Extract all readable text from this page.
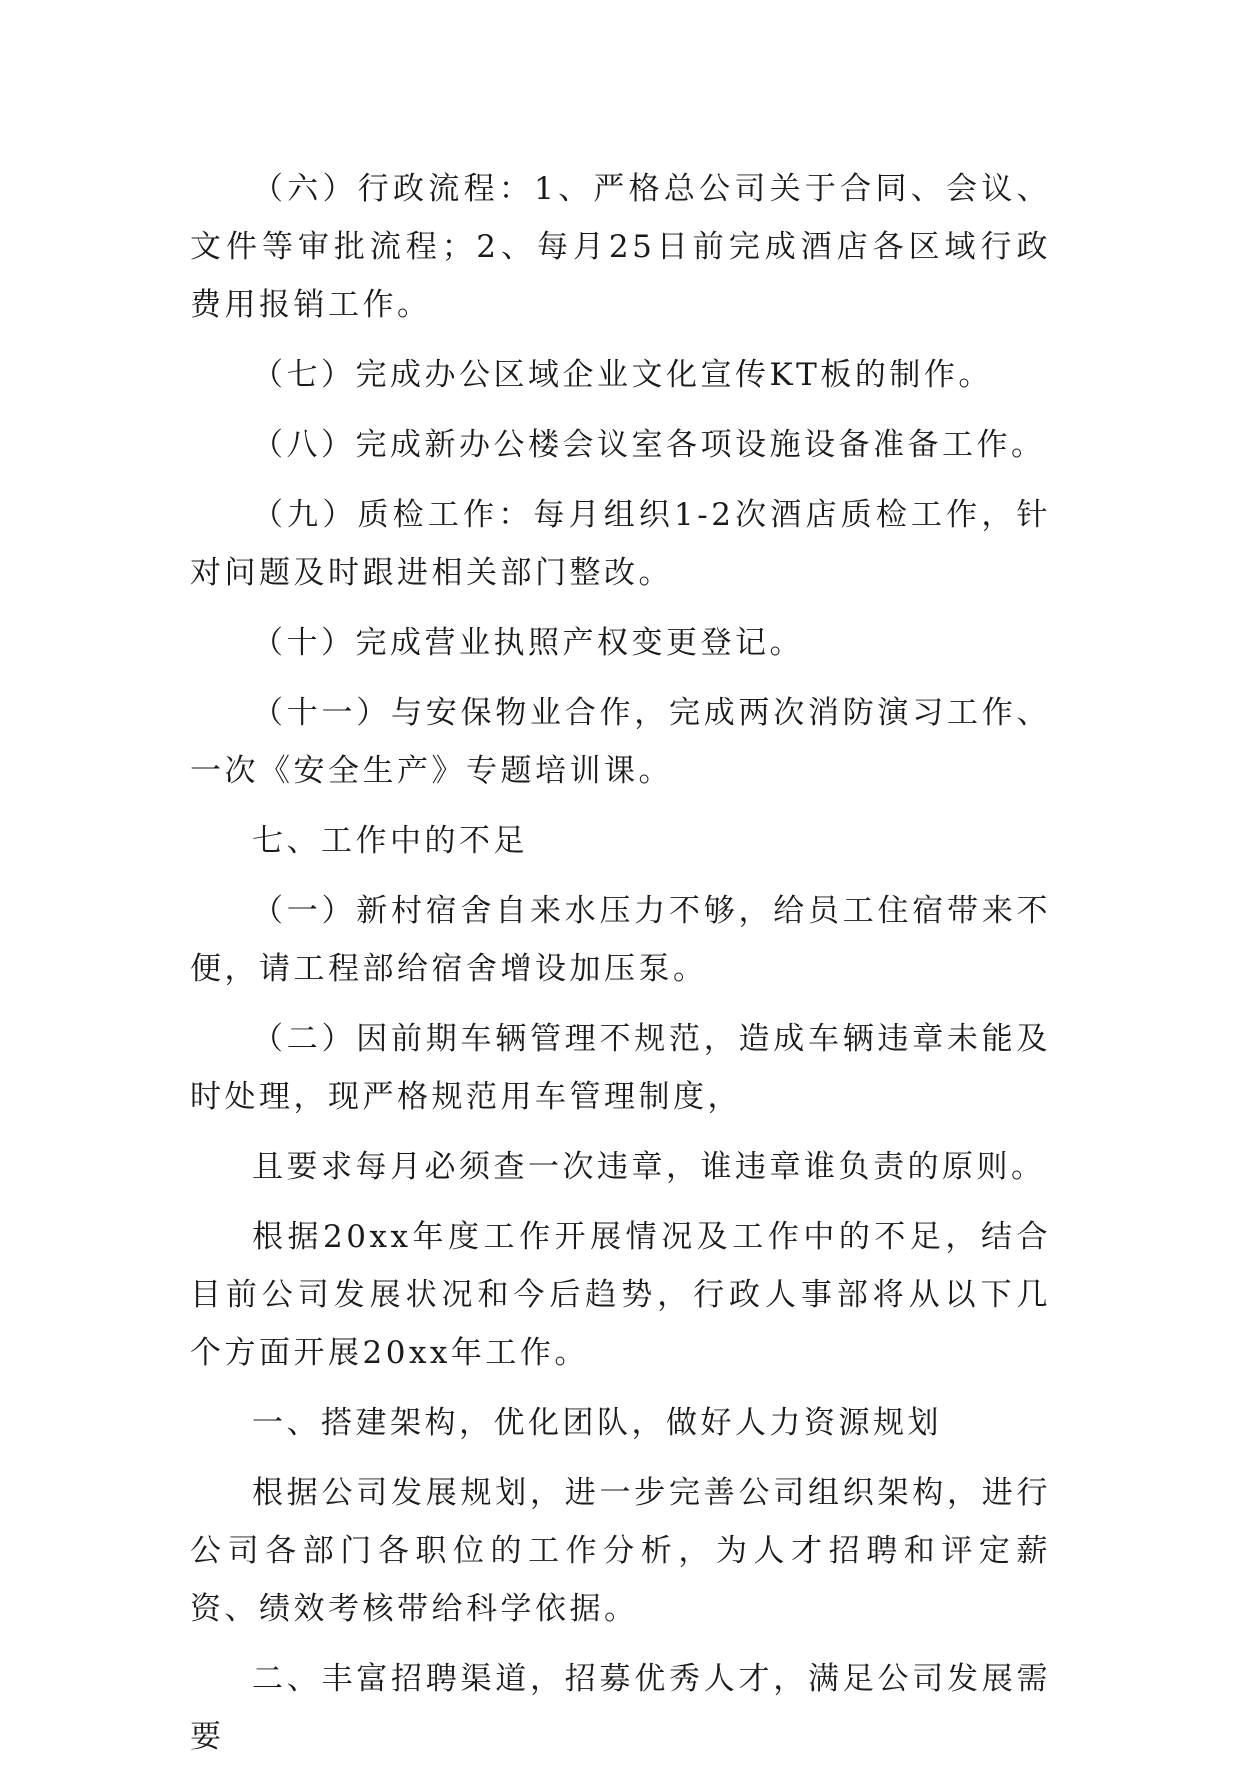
（六）行政流程：1、严格总公司关于合同、会议、文件等审批流程；2、每月25日前完成酒店各区域行政费用报销工作。

（七）完成办公区域企业文化宣传KT板的制作。

（八）完成新办公楼会议室各项设施设备准备工作。

（九）质检工作：每月组织1-2次酒店质检工作，针对问题及时跟进相关部门整改。

（十）完成营业执照产权变更登记。

（十一）与安保物业合作，完成两次消防演习工作、一次《安全生产》专题培训课。

七、工作中的不足

（一）新村宿舍自来水压力不够，给员工住宿带来不便，请工程部给宿舍增设加压泵。

（二）因前期车辆管理不规范，造成车辆违章未能及时处理，现严格规范用车管理制度，

且要求每月必须查一次违章，谁违章谁负责的原则。

根据20xx年度工作开展情况及工作中的不足，结合目前公司发展状况和今后趋势，行政人事部将从以下几个方面开展20xx年工作。

一、搭建架构，优化团队，做好人力资源规划

根据公司发展规划，进一步完善公司组织架构，进行公司各部门各职位的工作分析，为人才招聘和评定薪资、绩效考核带给科学依据。

二、丰富招聘渠道，招募优秀人才，满足公司发展需要
